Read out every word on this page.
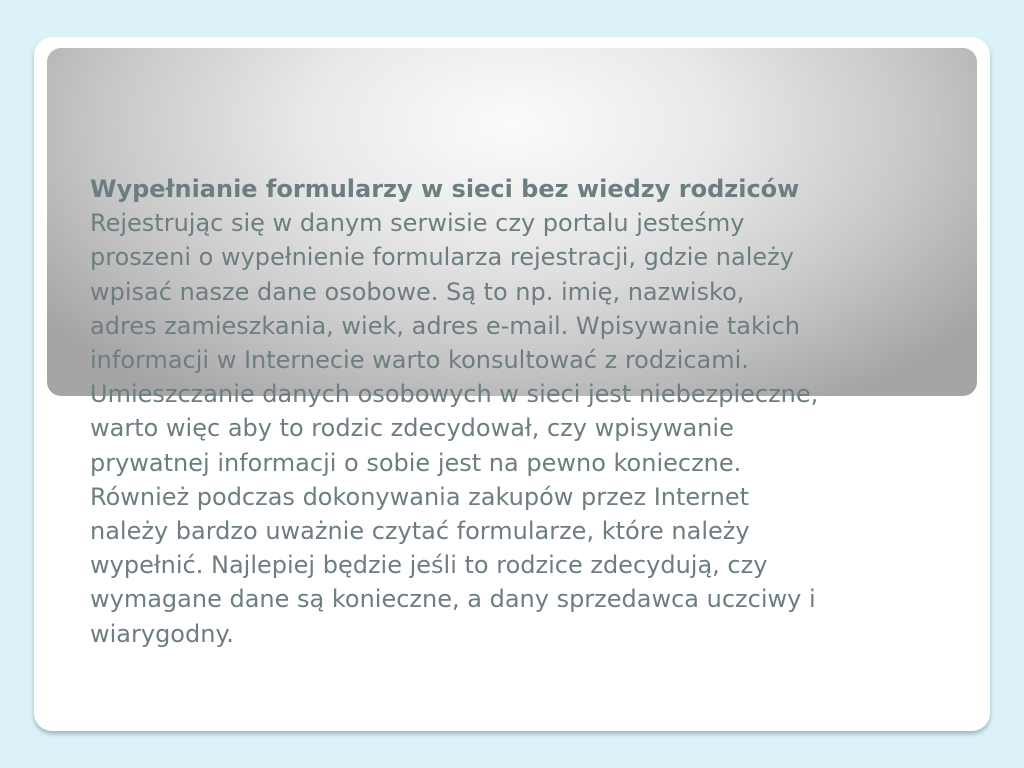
Wypełnianie formularzy w sieci bez wiedzy rodziców
Rejestrując się w danym serwisie czy portalu jesteśmy
proszeni o wypełnienie formularza rejestracji, gdzie należy
wpisać nasze dane osobowe. Są to np. imię, nazwisko,
adres zamieszkania, wiek, adres e-mail. Wpisywanie takich
informacji w Internecie warto konsultować z rodzicami.
Umieszczanie danych osobowych w sieci jest niebezpieczne,
warto więc aby to rodzic zdecydował, czy wpisywanie
prywatnej informacji o sobie jest na pewno konieczne.
Również podczas dokonywania zakupów przez Internet
należy bardzo uważnie czytać formularze, które należy
wypełnić. Najlepiej będzie jeśli to rodzice zdecydują, czy
wymagane dane są konieczne, a dany sprzedawca uczciwy i
wiarygodny.
